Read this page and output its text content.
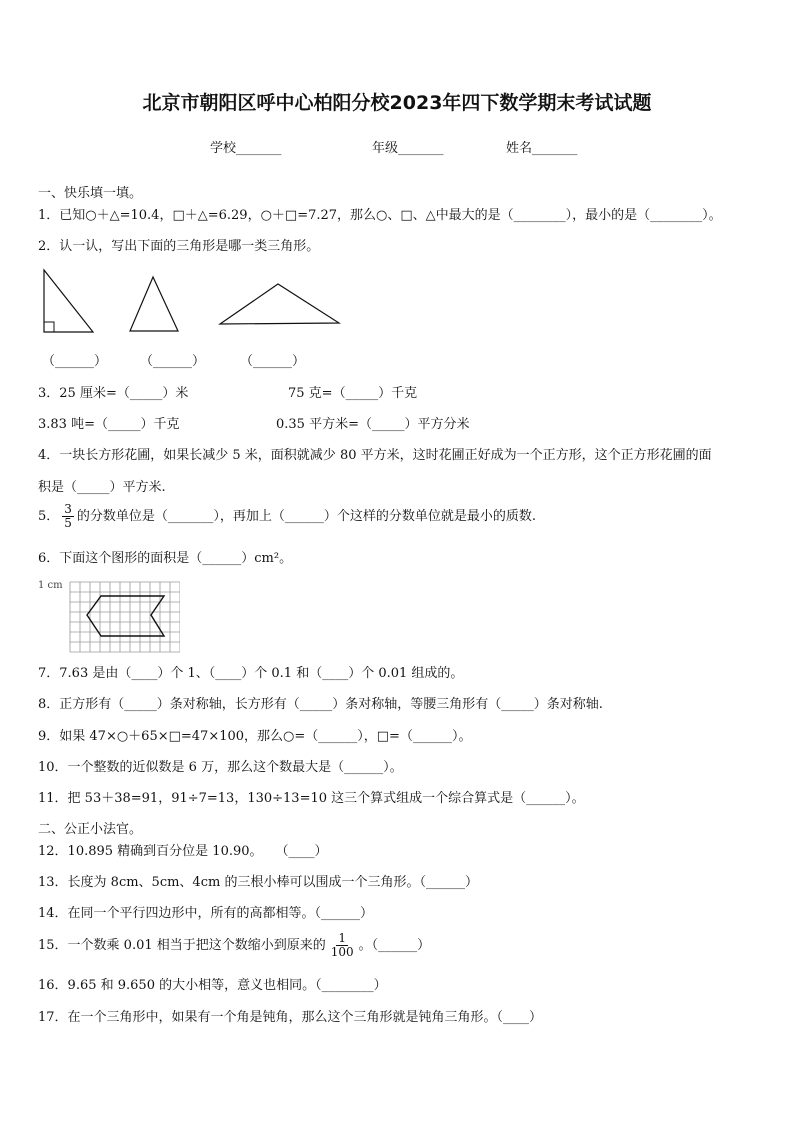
北京市朝阳区呼中心柏阳分校2023年四下数学期末考试试题
学校_______	年级_______	姓名_______
一、快乐填一填。
1．已知○＋△=10.4，□＋△=6.29，○＋□=7.27，那么○、□、△中最大的是（________），最小的是（________）。
2．认一认，写出下面的三角形是哪一类三角形。
（______）	（______）	（______）
3．25 厘米=（_____）米	75 克=（_____）千克
3.83 吨=（_____）千克	0.35 平方米=（_____）平方分米
4．一块长方形花圃，如果长减少 5 米，面积就减少 80 平方米，这时花圃正好成为一个正方形，这个正方形花圃的面
积是（_____）平方米.
5． $\frac{3}{5}$ 的分数单位是（_______），再加上（______）个这样的分数单位就是最小的质数.
6．下面这个图形的面积是（______）cm²。
1 cm
7．7.63 是由（____）个 1、（____）个 0.1 和（____）个 0.01 组成的。
8．正方形有（_____）条对称轴，长方形有（_____）条对称轴，等腰三角形有（_____）条对称轴.
9．如果 47×○＋65×□=47×100，那么○=（______），□=（______）。
10．一个整数的近似数是 6 万，那么这个数最大是（______）。
11．把 53＋38=91，91÷7=13，130÷13=10 这三个算式组成一个综合算式是（______）。
二、公正小法官。
12．10.895 精确到百分位是 10.90。　　（____）
13．长度为 8cm、5cm、4cm 的三根小棒可以围成一个三角形。（______）
14．在同一个平行四边形中，所有的高都相等。（______）
15．一个数乘 0.01 相当于把这个数缩小到原来的 $\frac{1}{100}$ 。（______）
16．9.65 和 9.650 的大小相等，意义也相同。（________）
17．在一个三角形中，如果有一个角是钝角，那么这个三角形就是钝角三角形。（____）
